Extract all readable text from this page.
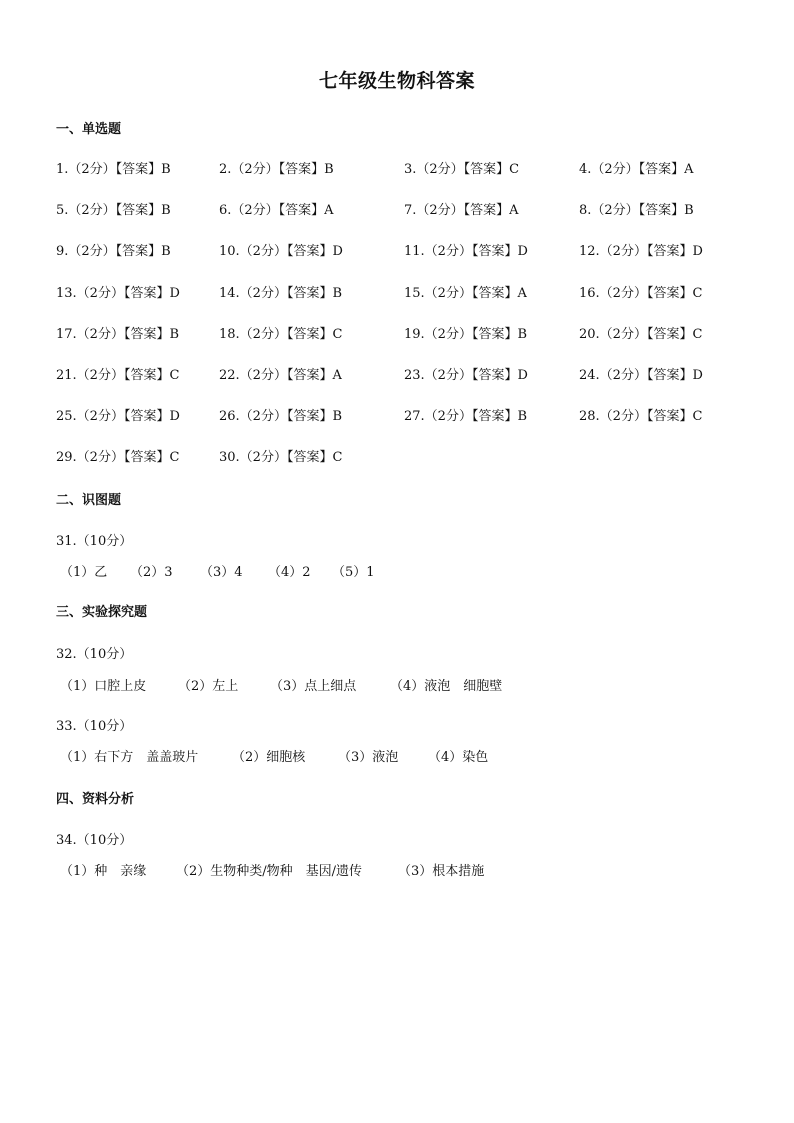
七年级生物科答案
一、单选题
1.（2分）【答案】B	2.（2分）【答案】B	3.（2分）【答案】C	4.（2分）【答案】A
5.（2分）【答案】B	6.（2分）【答案】A	7.（2分）【答案】A	8.（2分）【答案】B
9.（2分）【答案】B	10.（2分）【答案】D	11.（2分）【答案】D	12.（2分）【答案】D
13.（2分）【答案】D	14.（2分）【答案】B	15.（2分）【答案】A	16.（2分）【答案】C
17.（2分）【答案】B	18.（2分）【答案】C	19.（2分）【答案】B	20.（2分）【答案】C
21.（2分）【答案】C	22.（2分）【答案】A	23.（2分）【答案】D	24.（2分）【答案】D
25.（2分）【答案】D	26.（2分）【答案】B	27.（2分）【答案】B	28.（2分）【答案】C
29.（2分）【答案】C	30.（2分）【答案】C
二、识图题
31.（10分）
（1）乙 （2）3 （3）4 （4）2 （5）1
三、实验探究题
32.（10分）
（1）口腔上皮 （2）左上 （3）点上细点	（4）液泡　细胞壁
33.（10分）
（1）右下方　盖盖玻片	（2）细胞核	（3）液泡 （4）染色
四、资料分析
34.（10分）
（1）种　亲缘 （2）生物种类/物种　基因/遗传	（3）根本措施
